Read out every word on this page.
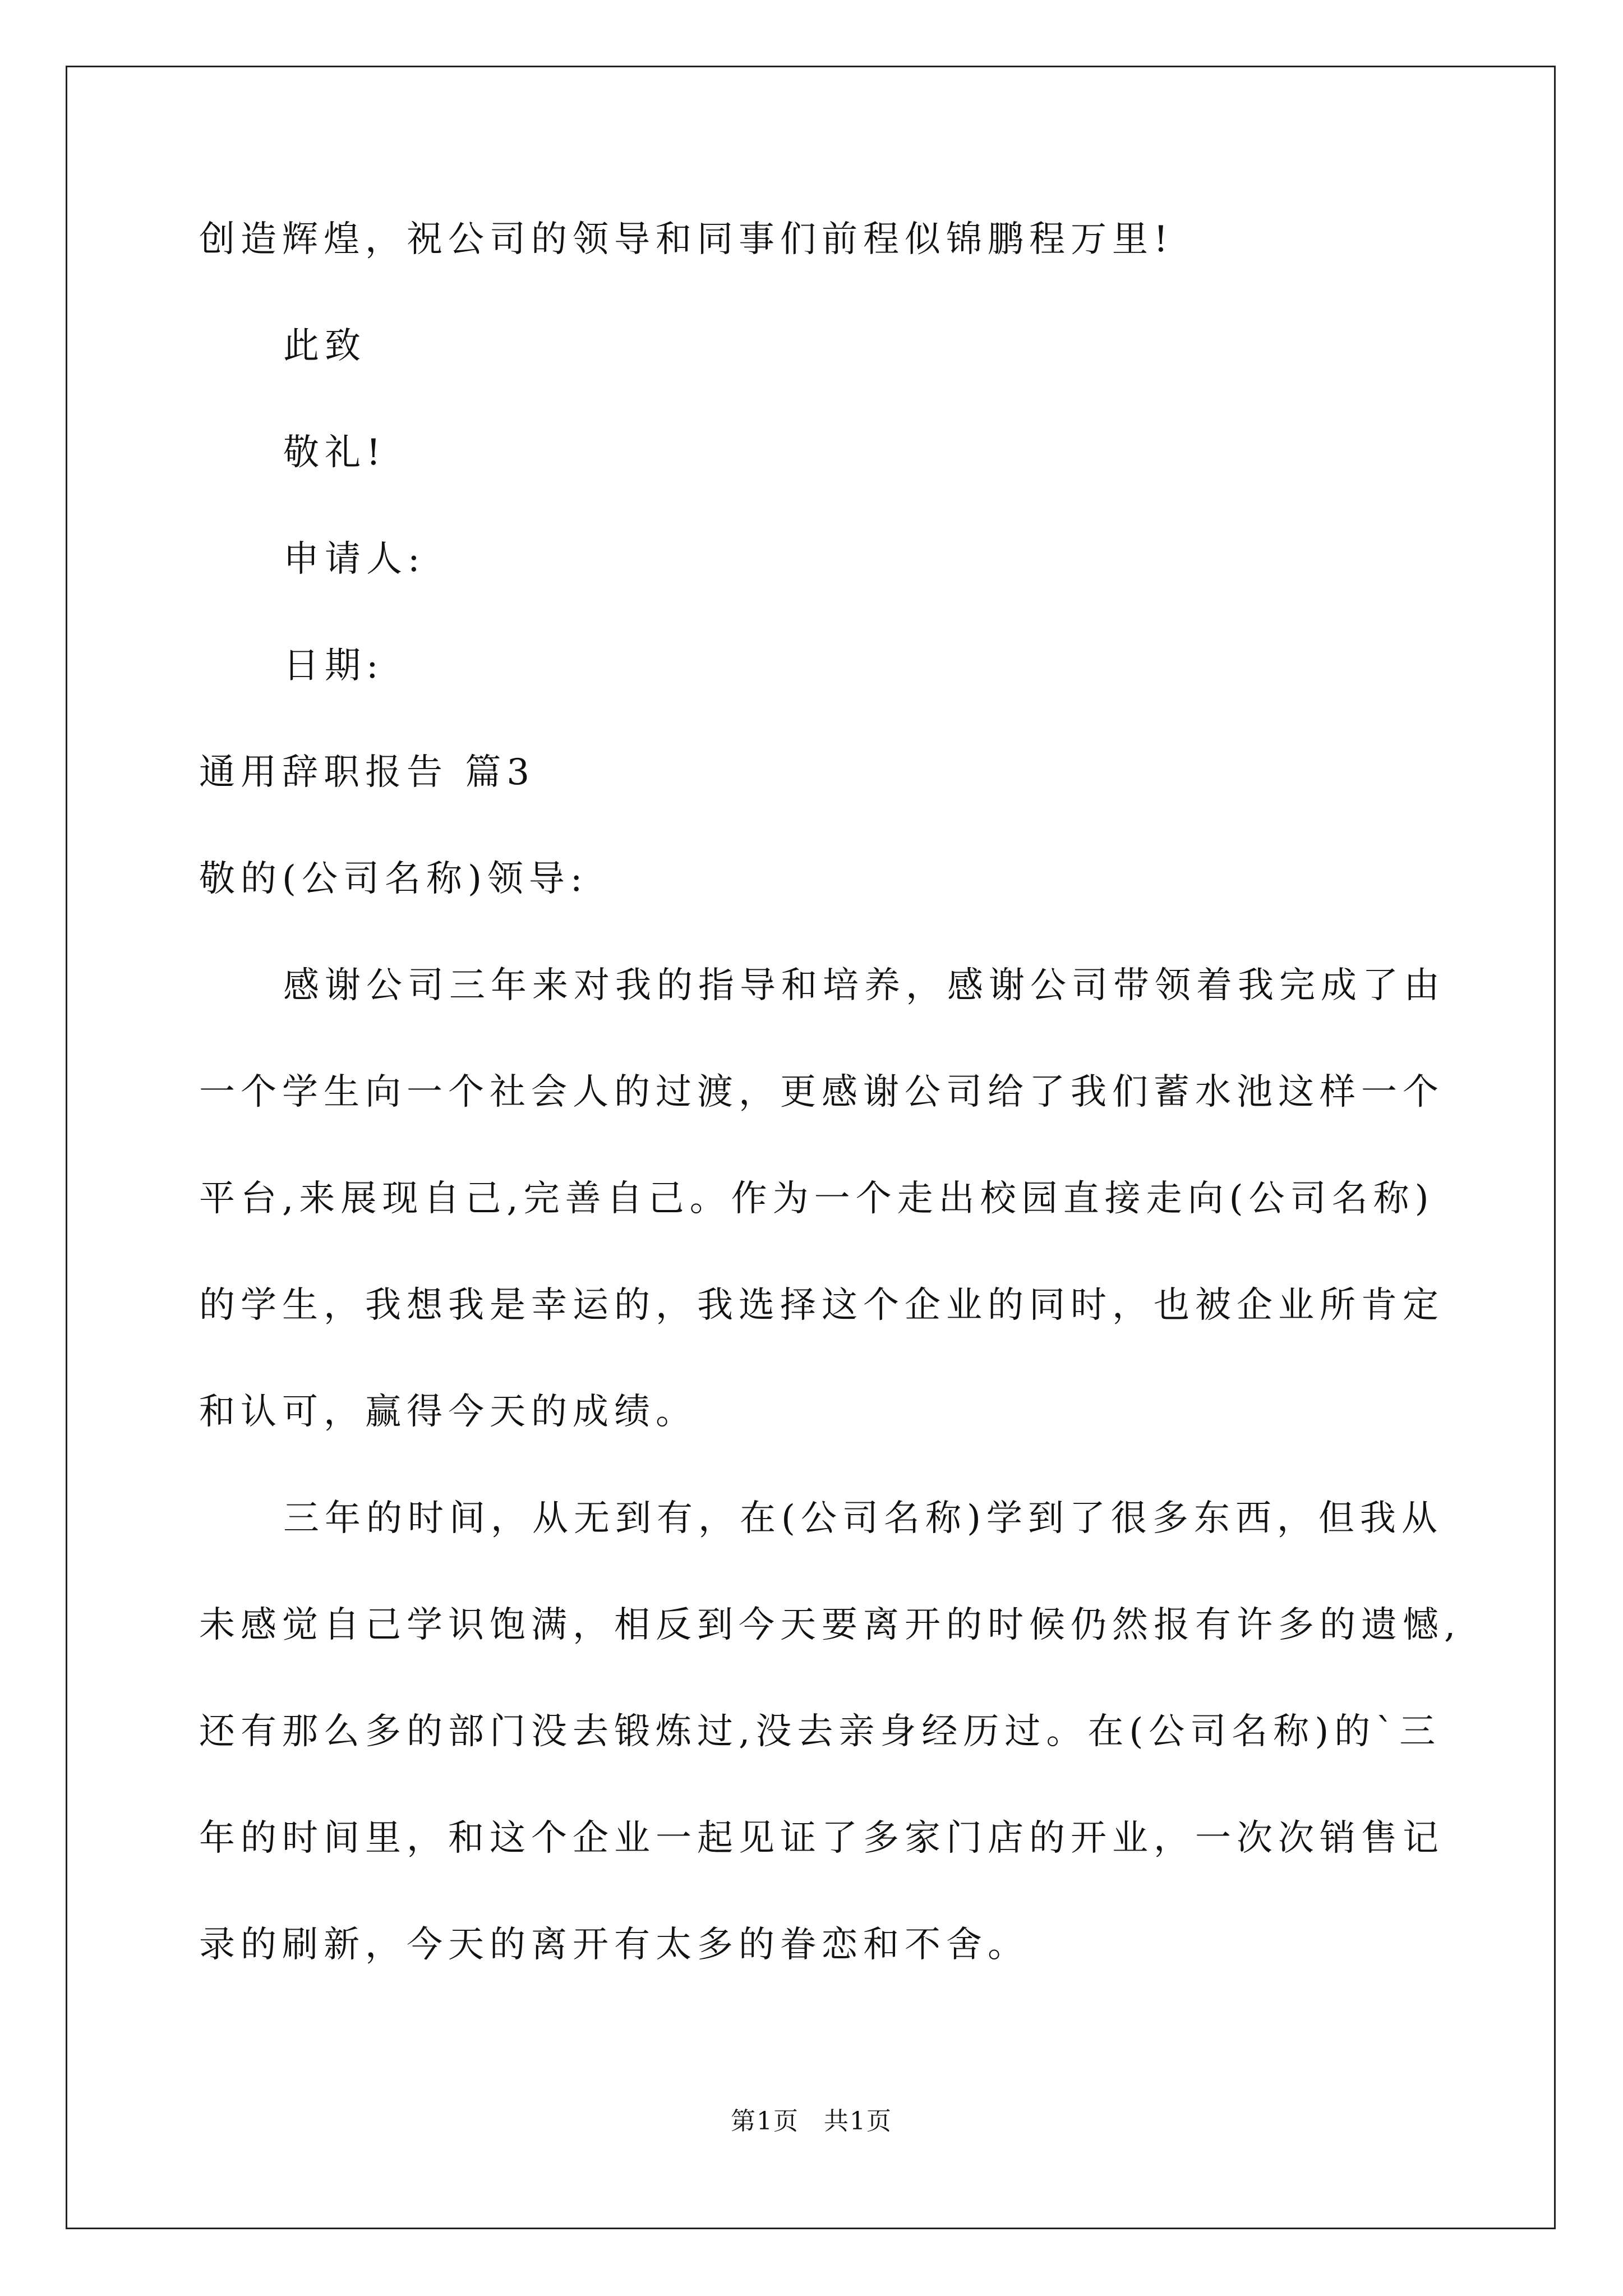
创造辉煌，祝公司的领导和同事们前程似锦鹏程万里!
此致
敬礼!
申请人:
日期:
通用辞职报告 篇3
敬的(公司名称)领导:
感谢公司三年来对我的指导和培养，感谢公司带领着我完成了由
一个学生向一个社会人的过渡，更感谢公司给了我们蓄水池这样一个
平台,来展现自己,完善自己。作为一个走出校园直接走向(公司名称)
的学生，我想我是幸运的，我选择这个企业的同时，也被企业所肯定
和认可，赢得今天的成绩。
三年的时间，从无到有，在(公司名称)学到了很多东西，但我从
未感觉自己学识饱满，相反到今天要离开的时候仍然报有许多的遗憾,
还有那么多的部门没去锻炼过,没去亲身经历过。在(公司名称)的`三
年的时间里，和这个企业一起见证了多家门店的开业，一次次销售记
录的刷新，今天的离开有太多的眷恋和不舍。
第1页 共1页
